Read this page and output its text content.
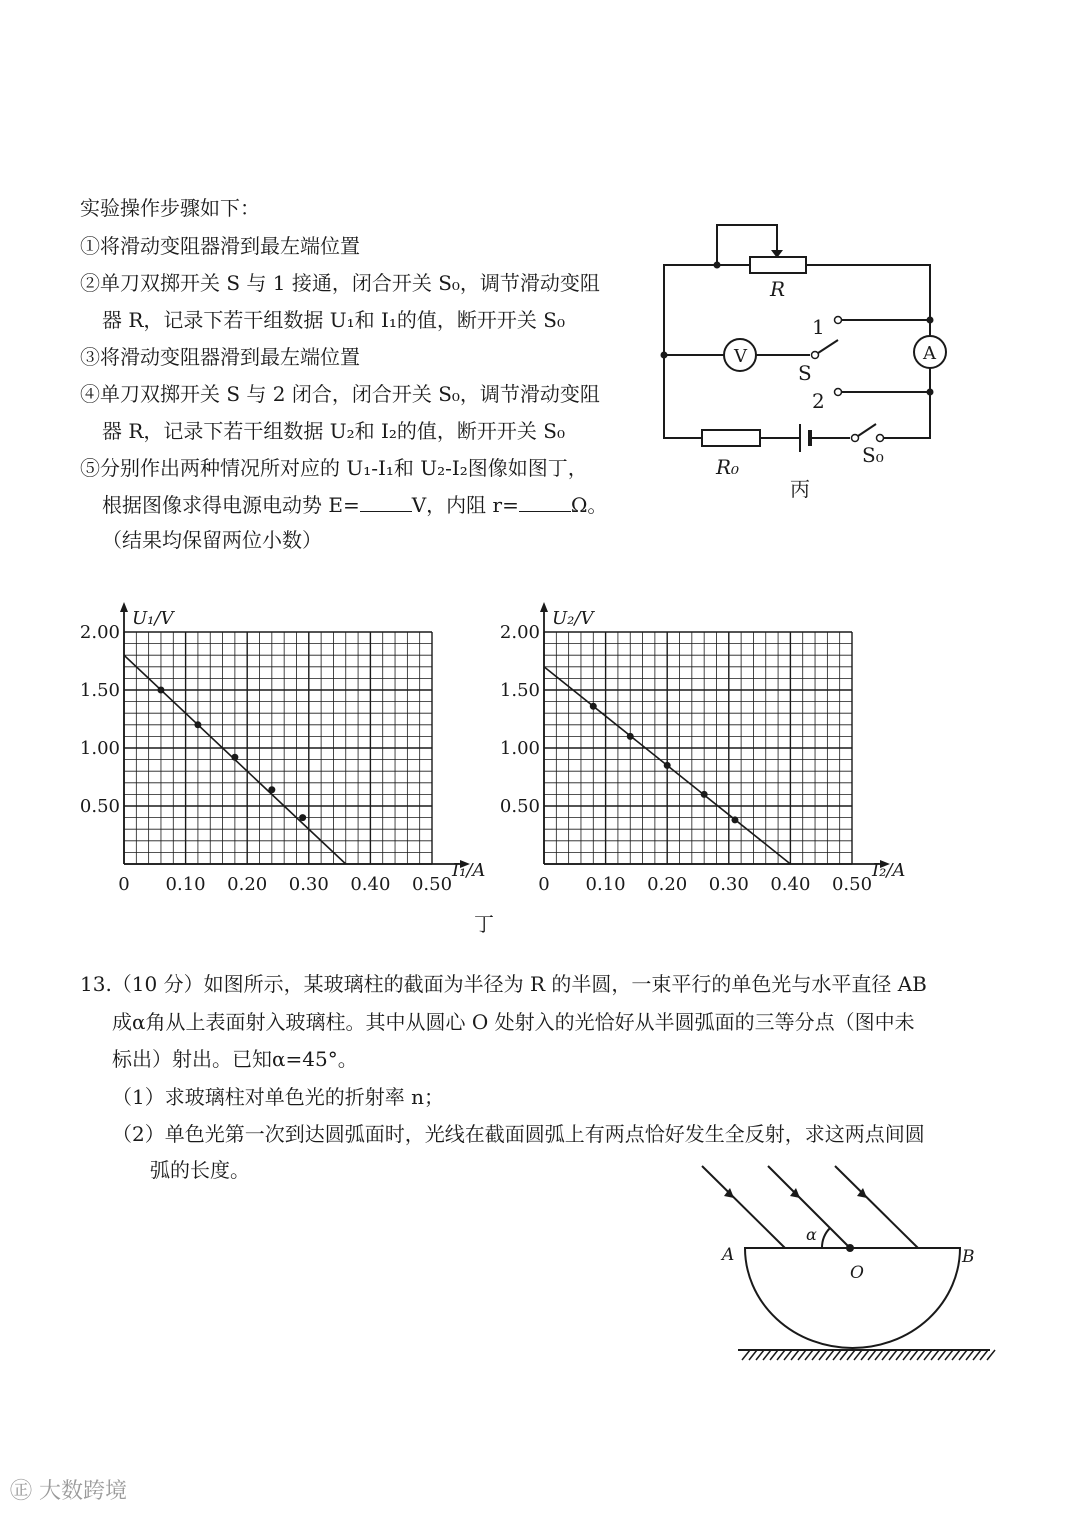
实验操作步骤如下：
①将滑动变阻器滑到最左端位置
②单刀双掷开关 S 与 1 接通，闭合开关 S₀，调节滑动变阻
器 R，记录下若干组数据 U₁和 I₁的值，断开开关 S₀
③将滑动变阻器滑到最左端位置
④单刀双掷开关 S 与 2 闭合，闭合开关 S₀，调节滑动变阻
器 R，记录下若干组数据 U₂和 I₂的值，断开开关 S₀
⑤分别作出两种情况所对应的 U₁-I₁和 U₂-I₂图像如图丁，
根据图像求得电源电动势 E=	V，内阻 r=	Ω。
（结果均保留两位小数）
R
V	A
1
2
S
R₀	S₀
丙
0 0.10 0.20 0.30 0.40 0.50
0.50
1.00
1.50
2.00
U₁/V
I₁/A
0 0.10 0.20 0.30 0.40 0.50
0.50
1.00
1.50
2.00
U₂/V
I₂/A
丁
13.（10 分）如图所示，某玻璃柱的截面为半径为 R 的半圆，一束平行的单色光与水平直径 AB
成α角从上表面射入玻璃柱。其中从圆心 O 处射入的光恰好从半圆弧面的三等分点（图中未
标出）射出。已知α=45°。
（1）求玻璃柱对单色光的折射率 n；
（2）单色光第一次到达圆弧面时，光线在截面圆弧上有两点恰好发生全反射，求这两点间圆
弧的长度。
A	B
O
α
㊣ 大数跨境
